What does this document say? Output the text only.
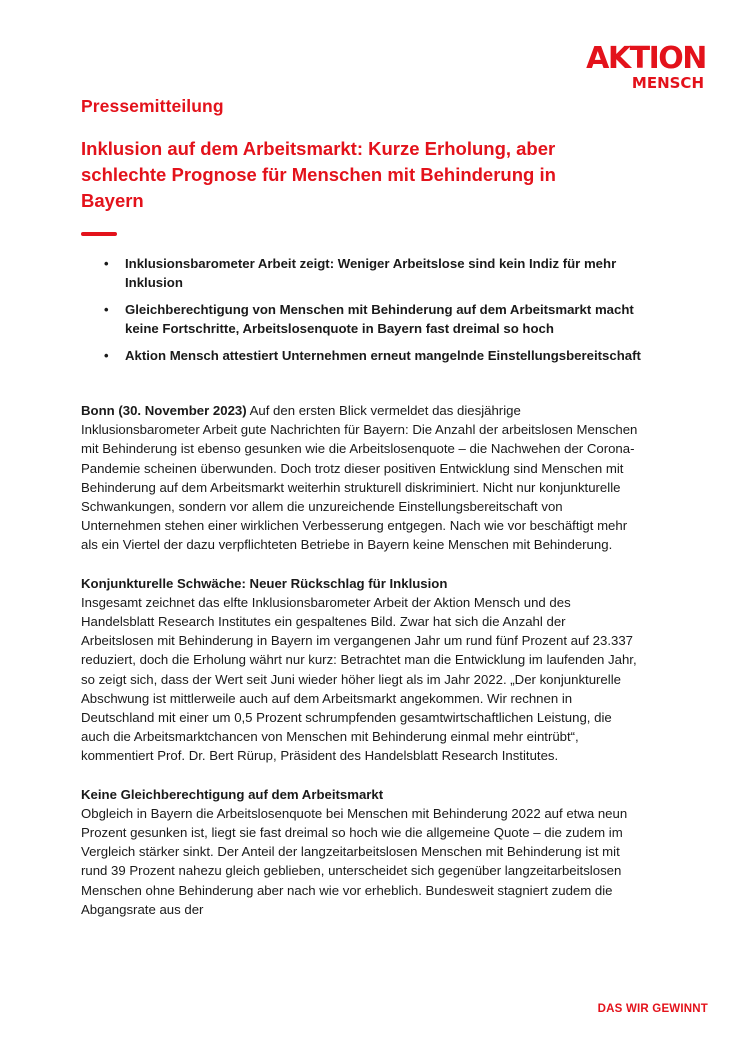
AKTION
MENSCH
Pressemitteilung
Inklusion auf dem Arbeitsmarkt: Kurze Erholung, aber schlechte Prognose für Menschen mit Behinderung in Bayern
• Inklusionsbarometer Arbeit zeigt: Weniger Arbeitslose sind kein Indiz für mehr Inklusion
• Gleichberechtigung von Menschen mit Behinderung auf dem Arbeitsmarkt macht keine Fortschritte, Arbeitslosenquote in Bayern fast dreimal so hoch
• Aktion Mensch attestiert Unternehmen erneut mangelnde Einstellungsbereitschaft

Bonn (30. November 2023) Auf den ersten Blick vermeldet das diesjährige Inklusionsbarometer Arbeit gute Nachrichten für Bayern: Die Anzahl der arbeitslosen Menschen mit Behinderung ist ebenso gesunken wie die Arbeitslosenquote – die Nachwehen der Corona-Pandemie scheinen überwunden. Doch trotz dieser positiven Entwicklung sind Menschen mit Behinderung auf dem Arbeitsmarkt weiterhin strukturell diskriminiert. Nicht nur konjunkturelle Schwankungen, sondern vor allem die unzureichende Einstellungsbereitschaft von Unternehmen stehen einer wirklichen Verbesserung entgegen. Nach wie vor beschäftigt mehr als ein Viertel der dazu verpflichteten Betriebe in Bayern keine Menschen mit Behinderung.

Konjunkturelle Schwäche: Neuer Rückschlag für Inklusion
Insgesamt zeichnet das elfte Inklusionsbarometer Arbeit der Aktion Mensch und des Handelsblatt Research Institutes ein gespaltenes Bild. Zwar hat sich die Anzahl der Arbeitslosen mit Behinderung in Bayern im vergangenen Jahr um rund fünf Prozent auf 23.337 reduziert, doch die Erholung währt nur kurz: Betrachtet man die Entwicklung im laufenden Jahr, so zeigt sich, dass der Wert seit Juni wieder höher liegt als im Jahr 2022. „Der konjunkturelle Abschwung ist mittlerweile auch auf dem Arbeitsmarkt angekommen. Wir rechnen in Deutschland mit einer um 0,5 Prozent schrumpfenden gesamtwirtschaftlichen Leistung, die auch die Arbeitsmarktchancen von Menschen mit Behinderung einmal mehr eintrübt“, kommentiert Prof. Dr. Bert Rürup, Präsident des Handelsblatt Research Institutes.

Keine Gleichberechtigung auf dem Arbeitsmarkt
Obgleich in Bayern die Arbeitslosenquote bei Menschen mit Behinderung 2022 auf etwa neun Prozent gesunken ist, liegt sie fast dreimal so hoch wie die allgemeine Quote – die zudem im Vergleich stärker sinkt. Der Anteil der langzeitarbeitslosen Menschen mit Behinderung ist mit rund 39 Prozent nahezu gleich geblieben, unterscheidet sich gegenüber langzeitarbeitslosen Menschen ohne Behinderung aber nach wie vor erheblich. Bundesweit stagniert zudem die Abgangsrate aus der

DAS WIR GEWINNT
